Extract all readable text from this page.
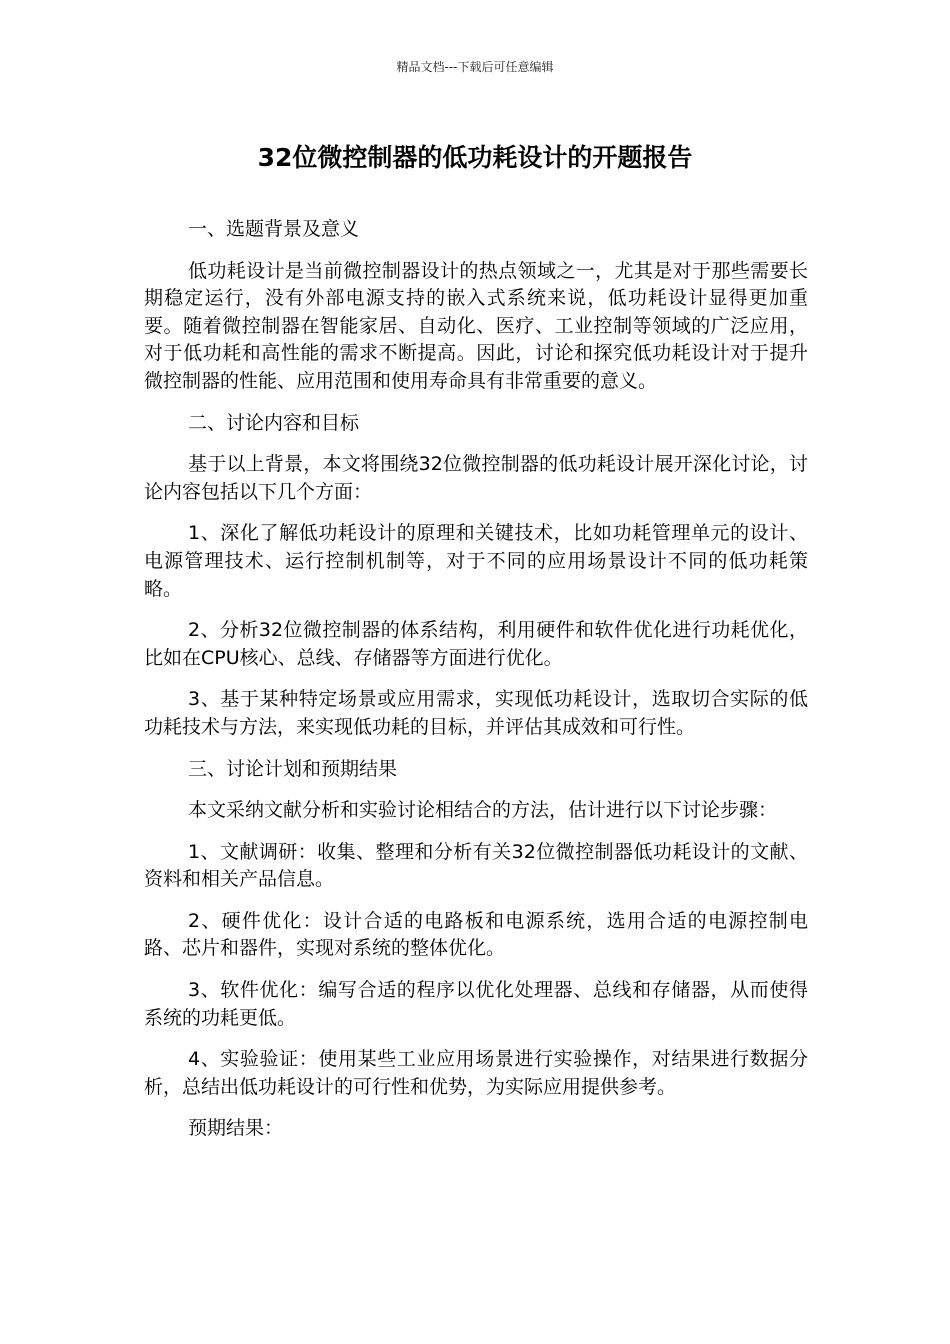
精品文档---下载后可任意编辑
32位微控制器的低功耗设计的开题报告

一、选题背景及意义

低功耗设计是当前微控制器设计的热点领域之一，尤其是对于那些需要长期稳定运行，没有外部电源支持的嵌入式系统来说，低功耗设计显得更加重要。随着微控制器在智能家居、自动化、医疗、工业控制等领域的广泛应用，对于低功耗和高性能的需求不断提高。因此，讨论和探究低功耗设计对于提升微控制器的性能、应用范围和使用寿命具有非常重要的意义。

二、讨论内容和目标

基于以上背景，本文将围绕32位微控制器的低功耗设计展开深化讨论，讨论内容包括以下几个方面：

1、深化了解低功耗设计的原理和关键技术，比如功耗管理单元的设计、电源管理技术、运行控制机制等，对于不同的应用场景设计不同的低功耗策略。

2、分析32位微控制器的体系结构，利用硬件和软件优化进行功耗优化，比如在CPU核心、总线、存储器等方面进行优化。

3、基于某种特定场景或应用需求，实现低功耗设计，选取切合实际的低功耗技术与方法，来实现低功耗的目标，并评估其成效和可行性。

三、讨论计划和预期结果

本文采纳文献分析和实验讨论相结合的方法，估计进行以下讨论步骤：

1、文献调研：收集、整理和分析有关32位微控制器低功耗设计的文献、资料和相关产品信息。

2、硬件优化：设计合适的电路板和电源系统，选用合适的电源控制电路、芯片和器件，实现对系统的整体优化。

3、软件优化：编写合适的程序以优化处理器、总线和存储器，从而使得系统的功耗更低。

4、实验验证：使用某些工业应用场景进行实验操作，对结果进行数据分析，总结出低功耗设计的可行性和优势，为实际应用提供参考。

预期结果：
